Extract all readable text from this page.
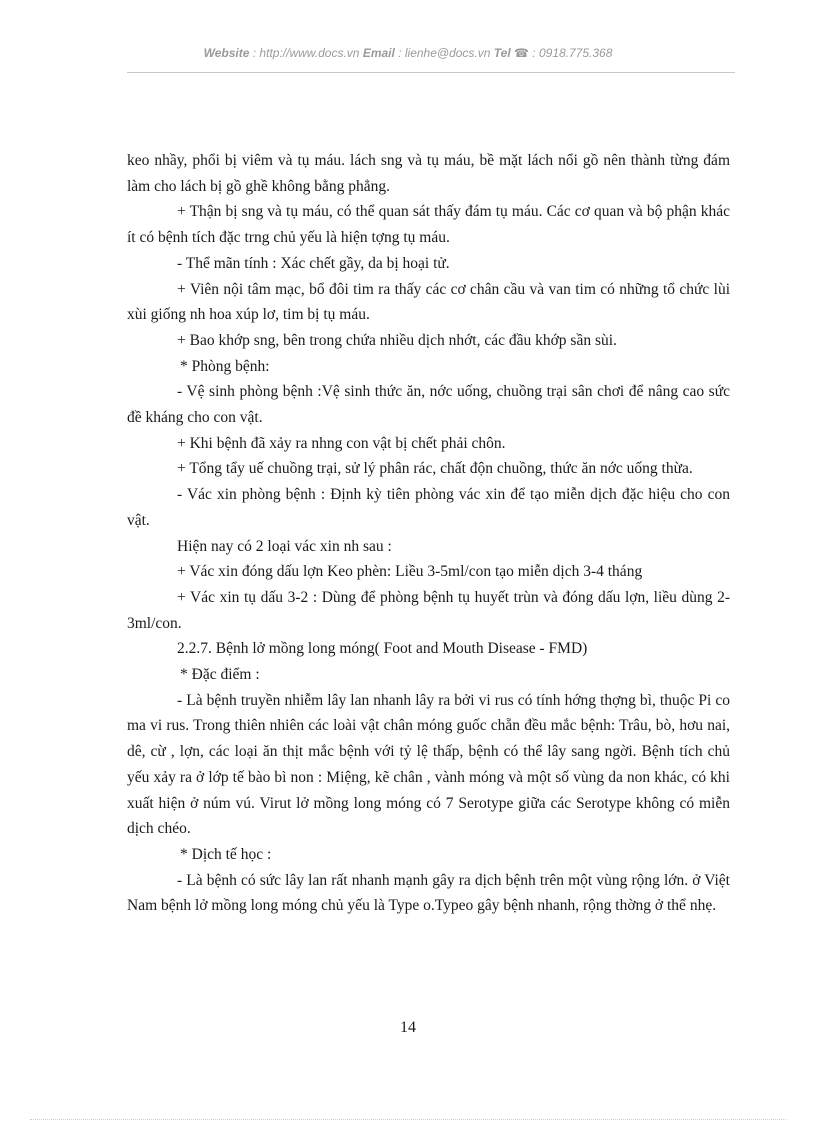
Website : http://www.docs.vn Email : lienhe@docs.vn Tel ☎ : 0918.775.368

keo nhầy, phổi bị viêm và tụ máu. lách sng và tụ máu, bề mặt lách nổi gồ nên thành từng đám làm cho lách bị gồ ghề không bằng phẳng.

+ Thận bị sng và tụ máu, có thể quan sát thấy đám tụ máu. Các cơ quan và bộ phận khác ít có bệnh tích đặc trng chủ yếu là hiện tợng tụ máu.

- Thể mãn tính : Xác chết gầy, da bị hoại tử.

+ Viên nội tâm mạc, bổ đôi tim ra thấy các cơ chân cầu và van tim có những tổ chức lùi xùi giống nh hoa xúp lơ, tim bị tụ máu.

+ Bao khớp sng, bên trong chứa nhiều dịch nhớt, các đầu khớp sần sùi.

* Phòng bệnh:

- Vệ sinh phòng bệnh :Vệ sinh thức ăn, nớc uống, chuồng trại sân chơi để nâng cao sức đề kháng cho con vật.

+ Khi bệnh đã xảy ra nhng con vật bị chết phải chôn.

+ Tổng tẩy uế chuồng trại, sử lý phân rác, chất độn chuồng, thức ăn nớc uống thừa.

- Vác xin phòng bệnh : Định kỳ tiên phòng vác xin để tạo miễn dịch đặc hiệu cho con vật.

Hiện nay có 2 loại vác xin nh sau :

+ Vác xin đóng dấu lợn Keo phèn: Liều 3-5ml/con tạo miễn dịch 3-4 tháng

+ Vác xin tụ dấu 3-2 : Dùng để phòng bệnh tụ huyết trùn và đóng dấu lợn, liều dùng 2-3ml/con.

2.2.7. Bệnh lở mồng long móng( Foot and Mouth Disease - FMD)

* Đặc điểm :

- Là bệnh truyền nhiễm lây lan nhanh lây ra bởi vi rus có tính hớng thợng bì, thuộc Pi co ma vi rus. Trong thiên nhiên các loài vật chân móng guốc chẵn đều mắc bệnh: Trâu, bò, hơu nai, dê, cừ , lợn, các loại ăn thịt mắc bệnh với tỷ lệ thấp, bệnh có thể lây sang ngời. Bệnh tích chủ yếu xảy ra ở lớp tế bào bì non : Miệng, kẽ chân , vành móng và một số vùng da non khác, có khi xuất hiện ở núm vú. Virut lở mồng long móng có 7 Serotype giữa các Serotype không có miễn dịch chéo.

* Dịch tế học :

- Là bệnh có sức lây lan rất nhanh mạnh gây ra dịch bệnh trên một vùng rộng lớn. ở Việt Nam bệnh lở mồng long móng chủ yếu là Type o.Typeo gây bệnh nhanh, rộng thờng ở thể nhẹ.

14
